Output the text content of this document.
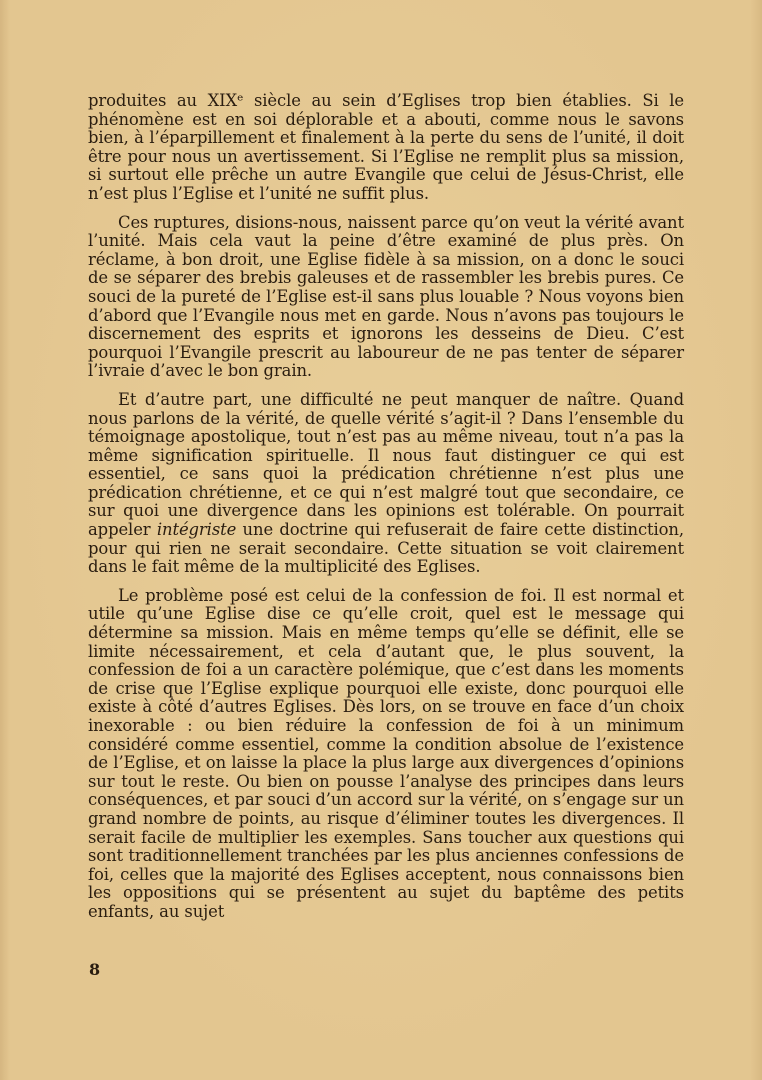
produites au XIXᵉ siècle au sein d’Eglises trop bien établies. Si le phénomène est en soi déplorable et a abouti, comme nous le savons bien, à l’éparpillement et finalement à la perte du sens de l’unité, il doit être pour nous un avertissement. Si l’Eglise ne remplit plus sa mission, si surtout elle prêche un autre Evangile que celui de Jésus-Christ, elle n’est plus l’Eglise et l’unité ne suffit plus.

Ces ruptures, disions-nous, naissent parce qu’on veut la vérité avant l’unité. Mais cela vaut la peine d’être examiné de plus près. On réclame, à bon droit, une Eglise fidèle à sa mission, on a donc le souci de se séparer des brebis galeuses et de rassembler les brebis pures. Ce souci de la pureté de l’Eglise est-il sans plus louable ? Nous voyons bien d’abord que l’Evangile nous met en garde. Nous n’avons pas toujours le discernement des esprits et ignorons les desseins de Dieu. C’est pourquoi l’Evangile prescrit au laboureur de ne pas tenter de séparer l’ivraie d’avec le bon grain.

Et d’autre part, une difficulté ne peut manquer de naître. Quand nous parlons de la vérité, de quelle vérité s’agit-il ? Dans l’ensemble du témoignage apostolique, tout n’est pas au même niveau, tout n’a pas la même signification spirituelle. Il nous faut distinguer ce qui est essentiel, ce sans quoi la prédication chrétienne n’est plus une prédication chrétienne, et ce qui n’est malgré tout que secondaire, ce sur quoi une divergence dans les opinions est tolérable. On pourrait appeler intégriste une doctrine qui refuserait de faire cette distinction, pour qui rien ne serait secondaire. Cette situation se voit clairement dans le fait même de la multiplicité des Eglises.

Le problème posé est celui de la confession de foi. Il est normal et utile qu’une Eglise dise ce qu’elle croit, quel est le message qui détermine sa mission. Mais en même temps qu’elle se définit, elle se limite nécessairement, et cela d’autant que, le plus souvent, la confession de foi a un caractère polémique, que c’est dans les moments de crise que l’Eglise explique pourquoi elle existe, donc pourquoi elle existe à côté d’autres Eglises. Dès lors, on se trouve en face d’un choix inexorable : ou bien réduire la confession de foi à un minimum considéré comme essentiel, comme la condition absolue de l’existence de l’Eglise, et on laisse la place la plus large aux divergences d’opinions sur tout le reste. Ou bien on pousse l’analyse des principes dans leurs conséquences, et par souci d’un accord sur la vérité, on s’engage sur un grand nombre de points, au risque d’éliminer toutes les divergences. Il serait facile de multiplier les exemples. Sans toucher aux questions qui sont traditionnellement tranchées par les plus anciennes confessions de foi, celles que la majorité des Eglises acceptent, nous connaissons bien les oppositions qui se présentent au sujet du baptême des petits enfants, au sujet

8
